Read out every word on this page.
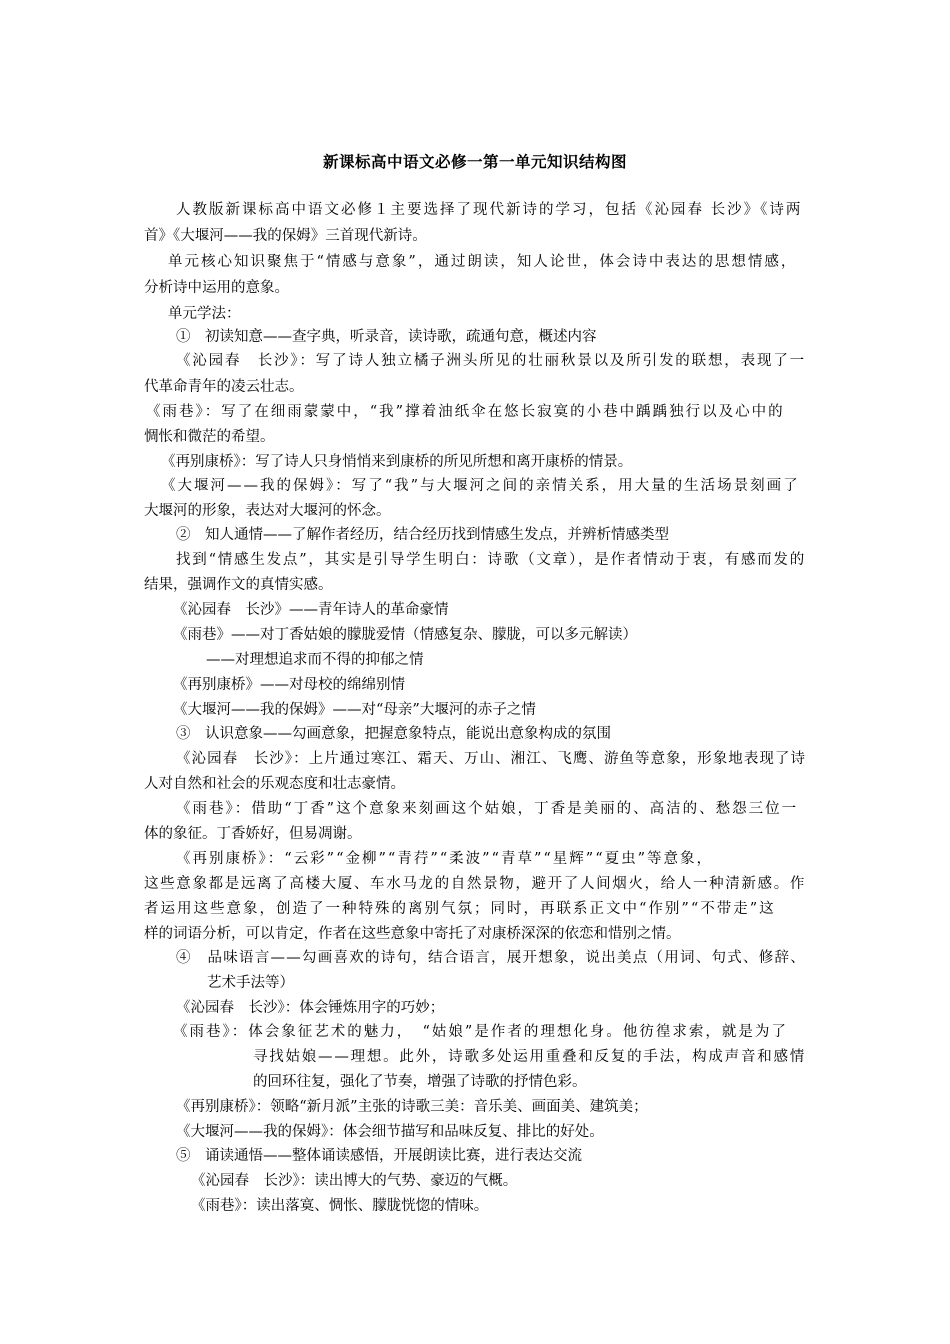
新课标高中语文必修一第一单元知识结构图
人教版新课标高中语文必修１主要选择了现代新诗的学习，包括《沁园春 长沙》《诗两
首》《大堰河——我的保姆》三首现代新诗。
单元核心知识聚焦于“情感与意象”，通过朗读，知人论世，体会诗中表达的思想情感，
分析诗中运用的意象。
单元学法：
①　初读知意——查字典，听录音，读诗歌，疏通句意，概述内容
《沁园春　长沙》：写了诗人独立橘子洲头所见的壮丽秋景以及所引发的联想，表现了一
代革命青年的凌云壮志。
《雨巷》：写了在细雨蒙蒙中，“我”撑着油纸伞在悠长寂寞的小巷中踽踽独行以及心中的
惆怅和微茫的希望。
《再别康桥》：写了诗人只身悄悄来到康桥的所见所想和离开康桥的情景。
《大堰河——我的保姆》：写了“我”与大堰河之间的亲情关系，用大量的生活场景刻画了
大堰河的形象，表达对大堰河的怀念。
②　知人通情——了解作者经历，结合经历找到情感生发点，并辨析情感类型
找到“情感生发点”，其实是引导学生明白：诗歌（文章），是作者情动于衷，有感而发的
结果，强调作文的真情实感。
《沁园春　长沙》——青年诗人的革命豪情
《雨巷》——对丁香姑娘的朦胧爱情（情感复杂、朦胧，可以多元解读）
——对理想追求而不得的抑郁之情
《再别康桥》——对母校的绵绵别情
《大堰河——我的保姆》——对“母亲”大堰河的赤子之情
③　认识意象——勾画意象，把握意象特点，能说出意象构成的氛围
《沁园春　长沙》：上片通过寒江、霜天、万山、湘江、飞鹰、游鱼等意象，形象地表现了诗
人对自然和社会的乐观态度和壮志豪情。
《雨巷》：借助“丁香”这个意象来刻画这个姑娘，丁香是美丽的、高洁的、愁怨三位一
体的象征。丁香娇好，但易凋谢。
《再别康桥》：“云彩”“金柳”“青荇”“柔波”“青草”“星辉”“夏虫”等意象，
这些意象都是远离了高楼大厦、车水马龙的自然景物，避开了人间烟火，给人一种清新感。作
者运用这些意象，创造了一种特殊的离别气氛；同时，再联系正文中“作别”“不带走”这
样的词语分析，可以肯定，作者在这些意象中寄托了对康桥深深的依恋和惜别之情。
④　品味语言——勾画喜欢的诗句，结合语言，展开想象，说出美点（用词、句式、修辞、
艺术手法等）
《沁园春　长沙》：体会锤炼用字的巧妙；
《雨巷》：体会象征艺术的魅力，　“姑娘”是作者的理想化身。他彷徨求索，就是为了
寻找姑娘——理想。此外，诗歌多处运用重叠和反复的手法，构成声音和感情
的回环往复，强化了节奏，增强了诗歌的抒情色彩。
《再别康桥》：领略“新月派”主张的诗歌三美：音乐美、画面美、建筑美；
《大堰河——我的保姆》：体会细节描写和品味反复、排比的好处。
⑤　诵读通悟——整体诵读感悟，开展朗读比赛，进行表达交流
《沁园春　长沙》：读出博大的气势、豪迈的气概。
《雨巷》：读出落寞、惆怅、朦胧恍惚的情味。
